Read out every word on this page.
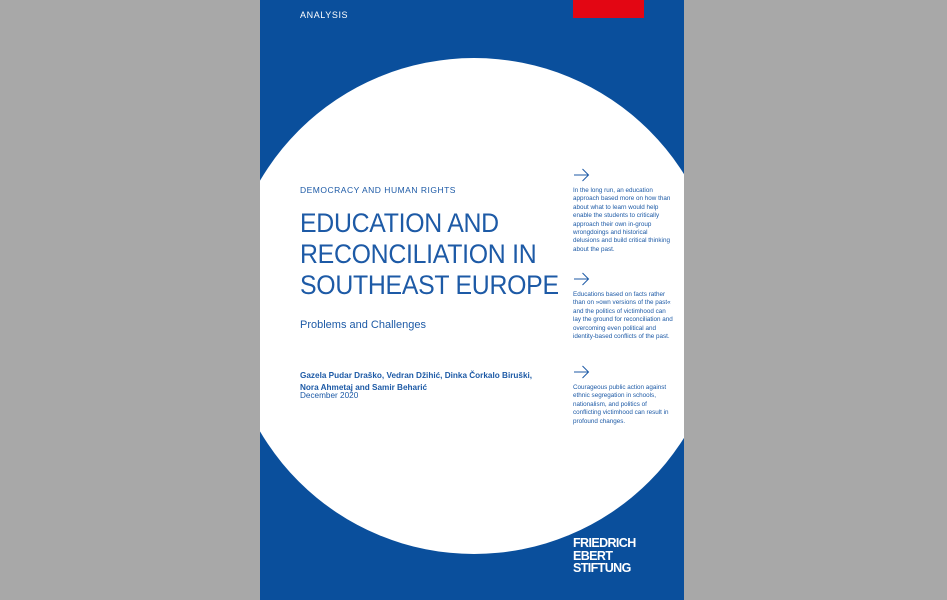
ANALYSIS
DEMOCRACY AND HUMAN RIGHTS
EDUCATION AND
RECONCILIATION IN
SOUTHEAST EUROPE
Problems and Challenges
Gazela Pudar Draško, Vedran Džihić, Dinka Čorkalo Biruški,
Nora Ahmetaj and Samir Beharić
December 2020
In the long run, an education approach based more on how than about what to learn would help enable the students to critically approach their own in-group wrongdoings and historical delusions and build critical thinking about the past.
Educations based on facts rather than on »own versions of the past« and the politics of victimhood can lay the ground for reconciliation and overcoming even political and identity-based conflicts of the past.
Courageous public action against ethnic segregation in schools, nationalism, and politics of conflicting victimhood can result in profound changes.
FRIEDRICH
EBERT
STIFTUNG
